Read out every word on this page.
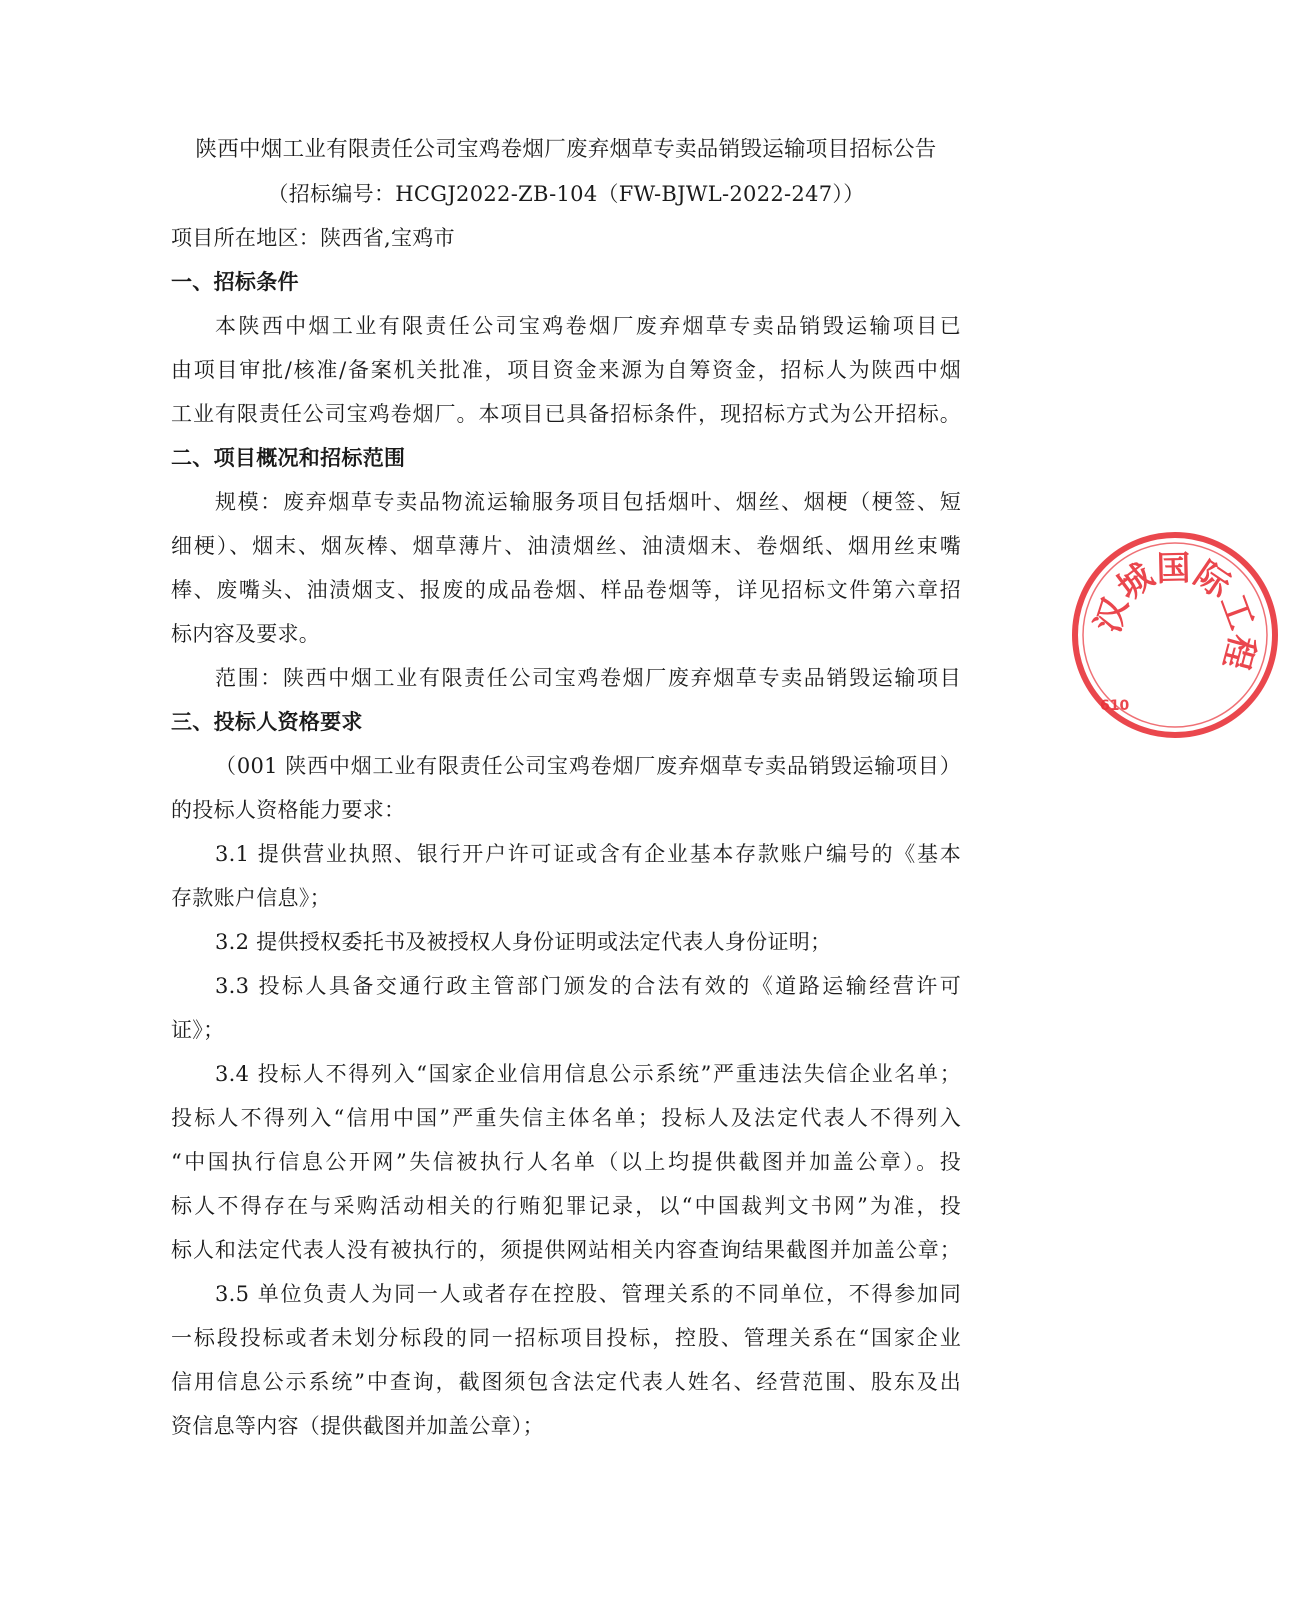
陕西中烟工业有限责任公司宝鸡卷烟厂废弃烟草专卖品销毁运输项目招标公告
（招标编号：HCGJ2022-ZB-104（FW-BJWL-2022-247））
项目所在地区：陕西省,宝鸡市
一、招标条件
本陕西中烟工业有限责任公司宝鸡卷烟厂废弃烟草专卖品销毁运输项目已
由项目审批/核准/备案机关批准，项目资金来源为自筹资金，招标人为陕西中烟
工业有限责任公司宝鸡卷烟厂。本项目已具备招标条件，现招标方式为公开招标。
二、项目概况和招标范围
规模：废弃烟草专卖品物流运输服务项目包括烟叶、烟丝、烟梗（梗签、短
细梗）、烟末、烟灰棒、烟草薄片、油渍烟丝、油渍烟末、卷烟纸、烟用丝束嘴
棒、废嘴头、油渍烟支、报废的成品卷烟、样品卷烟等，详见招标文件第六章招
标内容及要求。
范围：陕西中烟工业有限责任公司宝鸡卷烟厂废弃烟草专卖品销毁运输项目
三、投标人资格要求
（001 陕西中烟工业有限责任公司宝鸡卷烟厂废弃烟草专卖品销毁运输项目）
的投标人资格能力要求：
3.1 提供营业执照、银行开户许可证或含有企业基本存款账户编号的《基本
存款账户信息》；
3.2 提供授权委托书及被授权人身份证明或法定代表人身份证明；
3.3 投标人具备交通行政主管部门颁发的合法有效的《道路运输经营许可
证》；
3.4 投标人不得列入“国家企业信用信息公示系统”严重违法失信企业名单；
投标人不得列入“信用中国”严重失信主体名单；投标人及法定代表人不得列入
“中国执行信息公开网”失信被执行人名单（以上均提供截图并加盖公章）。投
标人不得存在与采购活动相关的行贿犯罪记录，以“中国裁判文书网”为准，投
标人和法定代表人没有被执行的，须提供网站相关内容查询结果截图并加盖公章；
3.5 单位负责人为同一人或者存在控股、管理关系的不同单位，不得参加同
一标段投标或者未划分标段的同一招标项目投标，控股、管理关系在“国家企业
信用信息公示系统”中查询，截图须包含法定代表人姓名、经营范围、股东及出
资信息等内容（提供截图并加盖公章）；
汉城国际工程
610
